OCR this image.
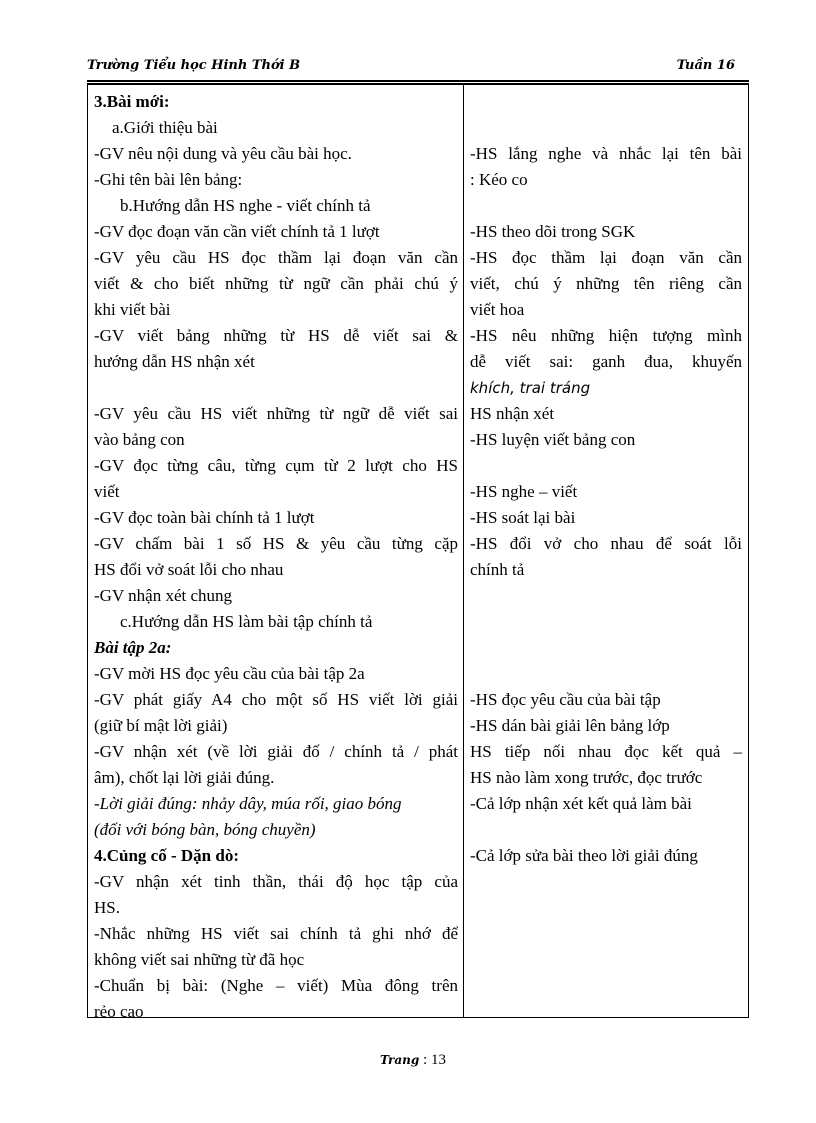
Trường Tiểu học Hinh Thới B	Tuần 16
3.Bài mới:
a.Giới thiệu bài
-GV nêu nội dung và yêu cầu bài học.
-Ghi tên bài lên bảng:
b.Hướng dẫn HS nghe - viết chính tả
-GV đọc đoạn văn cần viết chính tả 1 lượt
-GV yêu cầu HS đọc thầm lại đoạn văn cần
viết & cho biết những từ ngữ cần phải chú ý
khi viết bài
-GV viết bảng những từ HS dễ viết sai &
hướng dẫn HS nhận xét
-GV yêu cầu HS viết những từ ngữ dễ viết sai
vào bảng con
-GV đọc từng câu, từng cụm từ 2 lượt cho HS
viết
-GV đọc toàn bài chính tả 1 lượt
-GV chấm bài 1 số HS & yêu cầu từng cặp
HS đổi vở soát lỗi cho nhau
-GV nhận xét chung
c.Hướng dẫn HS làm bài tập chính tả
Bài tập 2a:
-GV mời HS đọc yêu cầu của bài tập 2a
-GV phát giấy A4 cho một số HS viết lời giải
(giữ bí mật lời giải)
-GV nhận xét (về lời giải đố / chính tả / phát
âm), chốt lại lời giải đúng.
-Lời giải đúng: nhảy dây, múa rối, giao bóng
(đối với bóng bàn, bóng chuyền)
4.Củng cố - Dặn dò:
-GV nhận xét tinh thần, thái độ học tập của
HS.
-Nhắc những HS viết sai chính tả ghi nhớ để
không viết sai những từ đã học
-Chuẩn bị bài: (Nghe – viết) Mùa đông trên
rẻo cao
-HS lắng nghe và nhắc lại tên bài
: Kéo co
-HS theo dõi trong SGK
-HS đọc thầm lại đoạn văn cần
viết, chú ý những tên riêng cần
viết hoa
-HS nêu những hiện tượng mình
dễ viết sai: ganh đua, khuyến
khích, trai tráng
HS nhận xét
-HS luyện viết bảng con
-HS nghe – viết
-HS soát lại bài
-HS đổi vở cho nhau để soát lỗi
chính tả
-HS đọc yêu cầu của bài tập
-HS dán bài giải lên bảng lớp
HS tiếp nối nhau đọc kết quả –
HS nào làm xong trước, đọc trước
-Cả lớp nhận xét kết quả làm bài
-Cả lớp sửa bài theo lời giải đúng
Trang : 13
